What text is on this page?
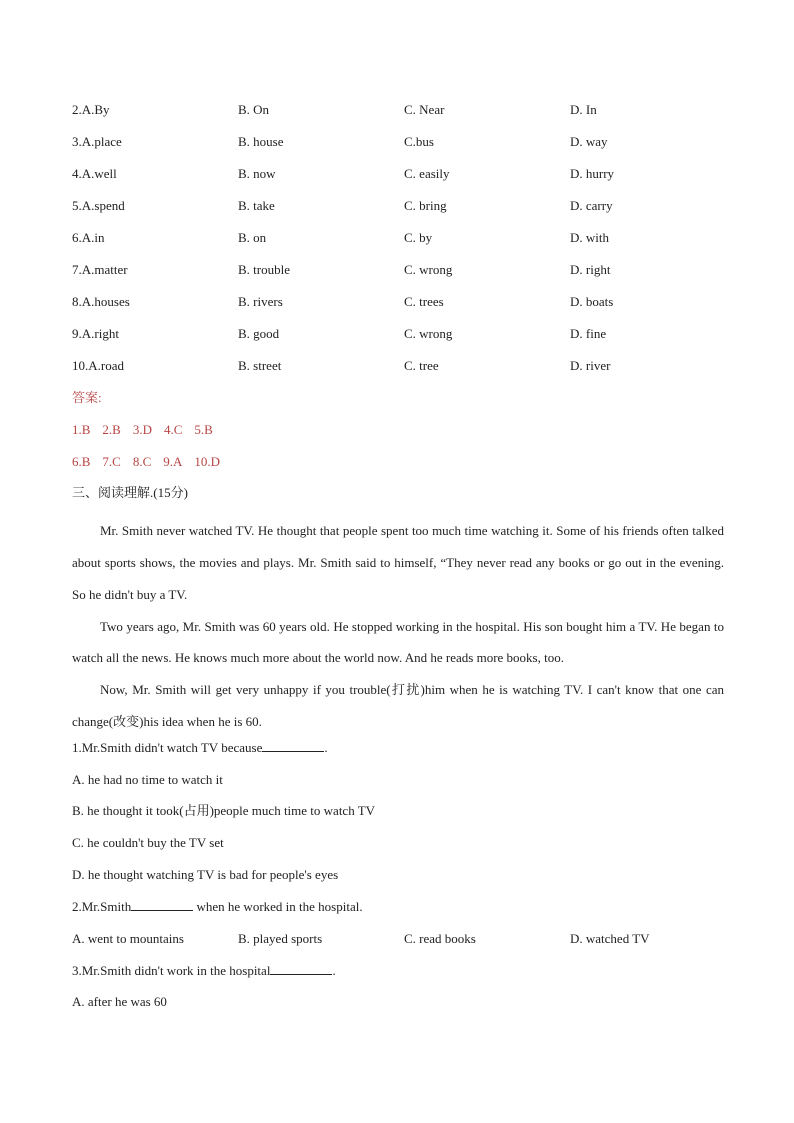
2.A.By	B. On	C. Near	D. In
3.A.place	B. house	C.bus	D. way
4.A.well	B. now	C. easily	D. hurry
5.A.spend	B. take	C. bring	D. carry
6.A.in	B. on	C. by	D. with
7.A.matter	B. trouble	C. wrong	D. right
8.A.houses	B. rivers	C. trees	D. boats
9.A.right	B. good	C. wrong	D. fine
10.A.road	B. street	C. tree	D. river
答案:
1.B 2.B 3.D 4.C 5.B
6.B 7.C 8.C 9.A 10.D
三、阅读理解.(15分)
Mr. Smith never watched TV. He thought that people spent too much time watching it. Some of his friends often talked about sports shows, the movies and plays. Mr. Smith said to himself, “They never read any books or go out in the evening. So he didn't buy a TV.
Two years ago, Mr. Smith was 60 years old. He stopped working in the hospital. His son bought him a TV. He began to watch all the news. He knows much more about the world now. And he reads more books, too.
Now, Mr. Smith will get very unhappy if you trouble(打扰)him when he is watching TV. I can't know that one can change(改变)his idea when he is 60.
1.Mr.Smith didn't watch TV because	.
A. he had no time to watch it
B. he thought it took(占用)people much time to watch TV
C. he couldn't buy the TV set
D. he thought watching TV is bad for people's eyes
2.Mr.Smith	when he worked in the hospital.
A. went to mountains	B. played sports	C. read books	D. watched TV
3.Mr.Smith didn't work in the hospital	.
A. after he was 60
